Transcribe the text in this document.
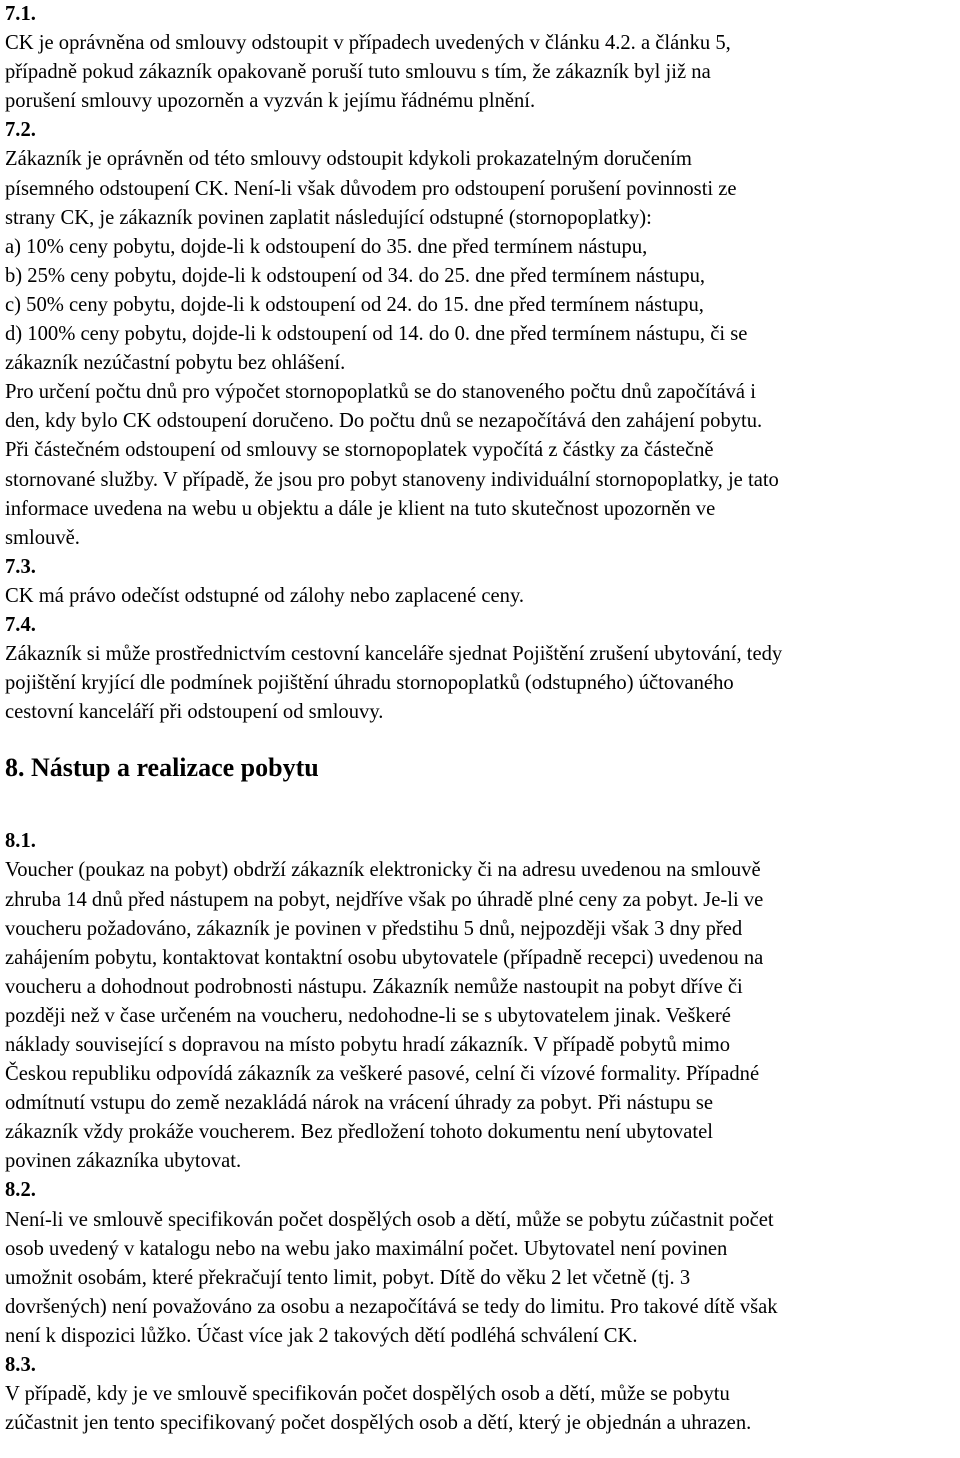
7.1.
CK je oprávněna od smlouvy odstoupit v případech uvedených v článku 4.2. a článku 5,
případně pokud zákazník opakovaně poruší tuto smlouvu s tím, že zákazník byl již na
porušení smlouvy upozorněn a vyzván k jejímu řádnému plnění.
7.2.
Zákazník je oprávněn od této smlouvy odstoupit kdykoli prokazatelným doručením
písemného odstoupení CK. Není-li však důvodem pro odstoupení porušení povinnosti ze
strany CK, je zákazník povinen zaplatit následující odstupné (stornopoplatky):
a) 10% ceny pobytu, dojde-li k odstoupení do 35. dne před termínem nástupu,
b) 25% ceny pobytu, dojde-li k odstoupení od 34. do 25. dne před termínem nástupu,
c) 50% ceny pobytu, dojde-li k odstoupení od 24. do 15. dne před termínem nástupu,
d) 100% ceny pobytu, dojde-li k odstoupení od 14. do 0. dne před termínem nástupu, či se
zákazník nezúčastní pobytu bez ohlášení.
Pro určení počtu dnů pro výpočet stornopoplatků se do stanoveného počtu dnů započítává i
den, kdy bylo CK odstoupení doručeno. Do počtu dnů se nezapočítává den zahájení pobytu.
Při částečném odstoupení od smlouvy se stornopoplatek vypočítá z částky za částečně
stornované služby. V případě, že jsou pro pobyt stanoveny individuální stornopoplatky, je tato
informace uvedena na webu u objektu a dále je klient na tuto skutečnost upozorněn ve
smlouvě.
7.3.
CK má právo odečíst odstupné od zálohy nebo zaplacené ceny.
7.4.
Zákazník si může prostřednictvím cestovní kanceláře sjednat Pojištění zrušení ubytování, tedy
pojištění kryjící dle podmínek pojištění úhradu stornopoplatků (odstupného) účtovaného
cestovní kanceláří při odstoupení od smlouvy.
8. Nástup a realizace pobytu
8.1.
Voucher (poukaz na pobyt) obdrží zákazník elektronicky či na adresu uvedenou na smlouvě
zhruba 14 dnů před nástupem na pobyt, nejdříve však po úhradě plné ceny za pobyt. Je-li ve
voucheru požadováno, zákazník je povinen v předstihu 5 dnů, nejpozději však 3 dny před
zahájením pobytu, kontaktovat kontaktní osobu ubytovatele (případně recepci) uvedenou na
voucheru a dohodnout podrobnosti nástupu. Zákazník nemůže nastoupit na pobyt dříve či
později než v čase určeném na voucheru, nedohodne-li se s ubytovatelem jinak. Veškeré
náklady související s dopravou na místo pobytu hradí zákazník. V případě pobytů mimo
Českou republiku odpovídá zákazník za veškeré pasové, celní či vízové formality. Případné
odmítnutí vstupu do země nezakládá nárok na vrácení úhrady za pobyt. Při nástupu se
zákazník vždy prokáže voucherem. Bez předložení tohoto dokumentu není ubytovatel
povinen zákazníka ubytovat.
8.2.
Není-li ve smlouvě specifikován počet dospělých osob a dětí, může se pobytu zúčastnit počet
osob uvedený v katalogu nebo na webu jako maximální počet. Ubytovatel není povinen
umožnit osobám, které překračují tento limit, pobyt. Dítě do věku 2 let včetně (tj. 3
dovršených) není považováno za osobu a nezapočítává se tedy do limitu. Pro takové dítě však
není k dispozici lůžko. Účast více jak 2 takových dětí podléhá schválení CK.
8.3.
V případě, kdy je ve smlouvě specifikován počet dospělých osob a dětí, může se pobytu
zúčastnit jen tento specifikovaný počet dospělých osob a dětí, který je objednán a uhrazen.
